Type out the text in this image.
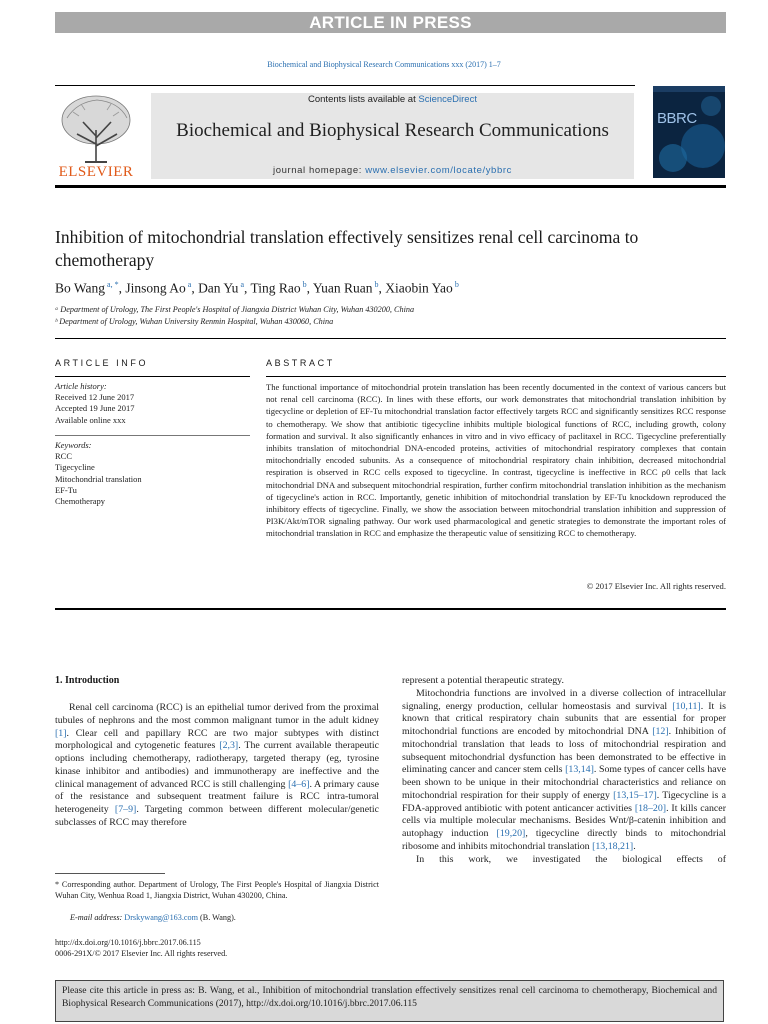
ARTICLE IN PRESS
Biochemical and Biophysical Research Communications xxx (2017) 1–7
ELSEVIER
Contents lists available at ScienceDirect
Biochemical and Biophysical Research Communications
journal homepage: www.elsevier.com/locate/ybbrc
BBRC
Inhibition of mitochondrial translation effectively sensitizes renal cell carcinoma to chemotherapy
Bo Wang $^{a, *}$, Jinsong Ao $^a$, Dan Yu $^a$, Ting Rao $^b$, Yuan Ruan $^b$, Xiaobin Yao $^b$
ᵃ Department of Urology, The First People's Hospital of Jiangxia District Wuhan City, Wuhan 430200, China
ᵇ Department of Urology, Wuhan University Renmin Hospital, Wuhan 430060, China
ARTICLE INFO
Article history:
Received 12 June 2017
Accepted 19 June 2017
Available online xxx
Keywords:
RCC
Tigecycline
Mitochondrial translation
EF-Tu
Chemotherapy
ABSTRACT
The functional importance of mitochondrial protein translation has been recently documented in the context of various cancers but not renal cell carcinoma (RCC). In lines with these efforts, our work demonstrates that mitochondrial translation inhibition by tigecycline or depletion of EF-Tu mitochondrial translation factor effectively targets RCC and significantly sensitizes RCC response to chemotherapy. We show that antibiotic tigecycline inhibits multiple biological functions of RCC, including growth, colony formation and survival. It also significantly enhances in vitro and in vivo efficacy of paclitaxel in RCC. Tigecycline preferentially inhibits translation of mitochondrial DNA-encoded proteins, activities of mitochondrial respiratory complexes that contain mitochondrially encoded subunits. As a consequence of mitochondrial respiratory chain inhibition, decreased mitochondrial respiration is observed in RCC cells exposed to tigecycline. In contrast, tigecycline is ineffective in RCC ρ0 cells that lack mitochondrial DNA and subsequent mitochondrial respiration, further confirm mitochondrial translation inhibition as the mechanism of tigecycline's action in RCC. Importantly, genetic inhibition of mitochondrial translation by EF-Tu knockdown reproduced the inhibitory effects of tigecycline. Finally, we show the association between mitochondrial translation inhibition and suppression of PI3K/Akt/mTOR signaling pathway. Our work used pharmacological and genetic strategies to demonstrate the important roles of mitochondrial translation in RCC and emphasize the therapeutic value of sensitizing RCC to chemotherapy.
© 2017 Elsevier Inc. All rights reserved.
1. Introduction

Renal cell carcinoma (RCC) is an epithelial tumor derived from the proximal tubules of nephrons and the most common malignant tumor in the adult kidney [1]. Clear cell and papillary RCC are two major subtypes with distinct morphological and cytogenetic features [2,3]. The current available therapeutic options including chemotherapy, radiotherapy, targeted therapy (eg, tyrosine kinase inhibitor and antibodies) and immunotherapy are ineffective and the clinical management of advanced RCC is still challenging [4–6]. A primary cause of the resistance and subsequent treatment failure is RCC intra-tumoral heterogeneity [7–9]. Targeting common between different molecular/genetic subclasses of RCC may therefore

represent a potential therapeutic strategy.

Mitochondria functions are involved in a diverse collection of intracellular signaling, energy production, cellular homeostasis and survival [10,11]. It is known that critical respiratory chain subunits that are essential for proper mitochondrial functions are encoded by mitochondrial DNA [12]. Inhibition of mitochondrial translation that leads to loss of mitochondrial respiration and subsequent mitochondrial dysfunction has been demonstrated to be effective in eliminating cancer and cancer stem cells [13,14]. Some types of cancer cells have been shown to be unique in their mitochondrial characteristics and reliance on mitochondrial respiration for their supply of energy [13,15–17]. Tigecycline is a FDA-approved antibiotic with potent anticancer activities [18–20]. It kills cancer cells via multiple molecular mechanisms. Besides Wnt/β-catenin inhibition and autophagy induction [19,20], tigecycline directly binds to mitochondrial ribosome and inhibits mitochondrial translation [13,18,21].

In this work, we investigated the biological effects of

* Corresponding author. Department of Urology, The First People's Hospital of Jiangxia District Wuhan City, Wenhua Road 1, Jiangxia District, Wuhan 430200, China.
E-mail address: Drskywang@163.com (B. Wang).
http://dx.doi.org/10.1016/j.bbrc.2017.06.115
0006-291X/© 2017 Elsevier Inc. All rights reserved.
Please cite this article in press as: B. Wang, et al., Inhibition of mitochondrial translation effectively sensitizes renal cell carcinoma to chemotherapy, Biochemical and Biophysical Research Communications (2017), http://dx.doi.org/10.1016/j.bbrc.2017.06.115
